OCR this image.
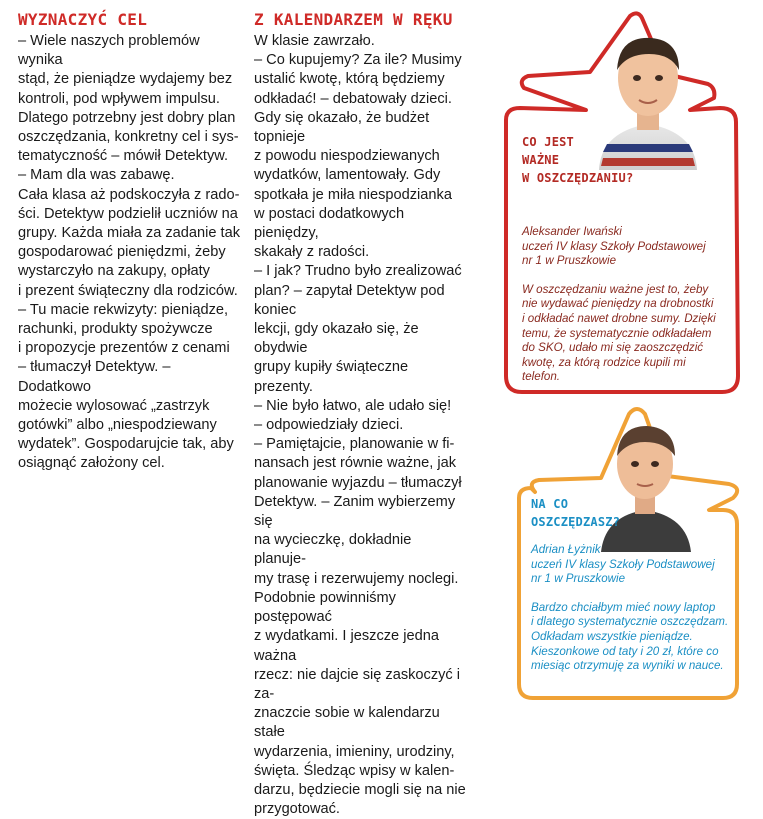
WYZNACZYĆ CEL

– Wiele naszych problemów wynika
stąd, że pieniądze wydajemy bez
kontroli, pod wpływem impulsu.
Dlatego potrzebny jest dobry plan
oszczędzania, konkretny cel i sys-
tematyczność – mówił Detektyw.
– Mam dla was zabawę.
Cała klasa aż podskoczyła z rado-
ści. Detektyw podzielił uczniów na
grupy. Każda miała za zadanie tak
gospodarować pieniędzmi, żeby
wystarczyło na zakupy, opłaty
i prezent świąteczny dla rodziców.
– Tu macie rekwizyty: pieniądze,
rachunki, produkty spożywcze
i propozycje prezentów z cenami
– tłumaczył Detektyw. – Dodatkowo
możecie wylosować „zastrzyk
gotówki” albo „niespodziewany
wydatek”. Gospodarujcie tak, aby
osiągnąć założony cel.

Z KALENDARZEM W RĘKU

W klasie zawrzało.
– Co kupujemy? Za ile? Musimy
ustalić kwotę, którą będziemy
odkładać! – debatowały dzieci.
Gdy się okazało, że budżet topnieje
z powodu niespodziewanych
wydatków, lamentowały. Gdy
spotkała je miła niespodzianka
w postaci dodatkowych pieniędzy,
skakały z radości.
– I jak? Trudno było zrealizować
plan? – zapytał Detektyw pod koniec
lekcji, gdy okazało się, że obydwie
grupy kupiły świąteczne prezenty.
– Nie było łatwo, ale udało się!
– odpowiedziały dzieci.
– Pamiętajcie, planowanie w fi-
nansach jest równie ważne, jak
planowanie wyjazdu – tłumaczył
Detektyw. – Zanim wybierzemy się
na wycieczkę, dokładnie planuje-
my trasę i rezerwujemy noclegi.
Podobnie powinniśmy postępować
z wydatkami. I jeszcze jedna ważna
rzecz: nie dajcie się zaskoczyć i za-
znaczcie sobie w kalendarzu stałe
wydarzenia, imieniny, urodziny,
święta. Śledząc wpisy w kalen-
darzu, będziecie mogli się na nie
przygotować.

CO JEST
WAŻNE
W OSZCZĘDZANIU?
Aleksander Iwański
uczeń IV klasy Szkoły Podstawowej
nr 1 w Pruszkowie
W oszczędzaniu ważne jest to, żeby
nie wydawać pieniędzy na drobnostki
i odkładać nawet drobne sumy. Dzięki
temu, że systematycznie odkładałem
do SKO, udało mi się zaoszczędzić
kwotę, za którą rodzice kupili mi
telefon.
NA CO
OSZCZĘDZASZ?
Adrian Łyżnik
uczeń IV klasy Szkoły Podstawowej
nr 1 w Pruszkowie
Bardzo chciałbym mieć nowy laptop
i dlatego systematycznie oszczędzam.
Odkładam wszystkie pieniądze.
Kieszonkowe od taty i 20 zł, które co
miesiąc otrzymuję za wyniki w nauce.
